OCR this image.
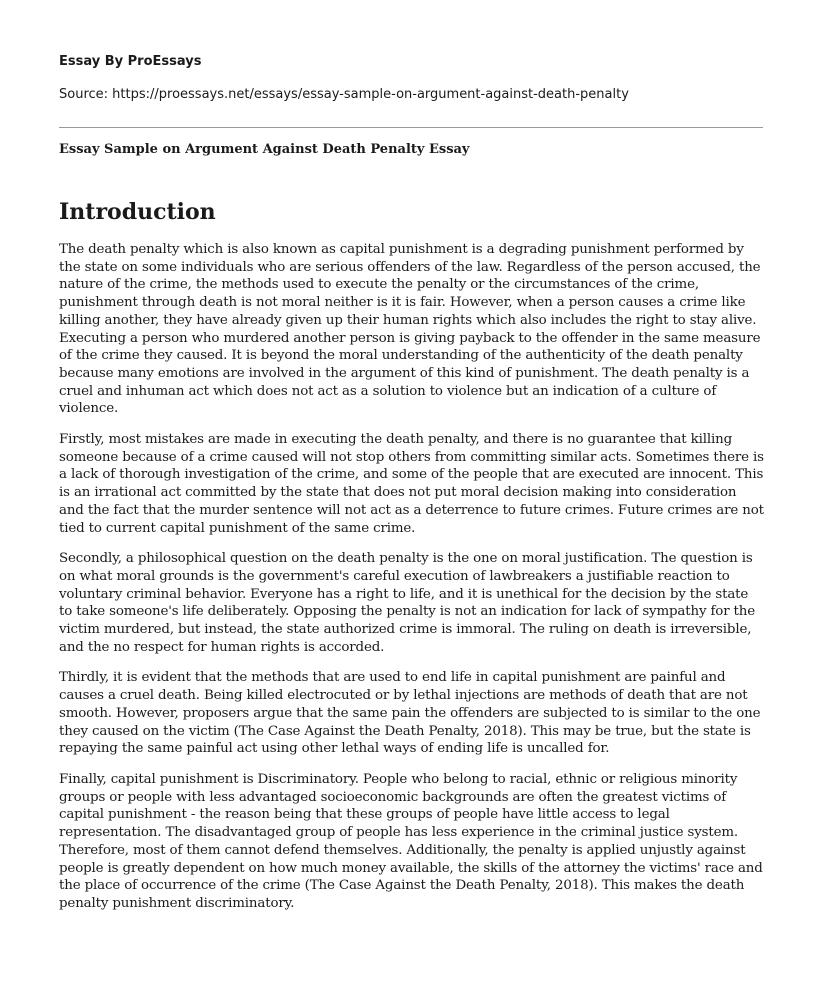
Essay By ProEssays

Source: https://proessays.net/essays/essay-sample-on-argument-against-death-penalty

Essay Sample on Argument Against Death Penalty Essay

Introduction

The death penalty which is also known as capital punishment is a degrading punishment performed by the state on some individuals who are serious offenders of the law. Regardless of the person accused, the nature of the crime, the methods used to execute the penalty or the circumstances of the crime, punishment through death is not moral neither is it is fair. However, when a person causes a crime like killing another, they have already given up their human rights which also includes the right to stay alive. Executing a person who murdered another person is giving payback to the offender in the same measure of the crime they caused. It is beyond the moral understanding of the authenticity of the death penalty because many emotions are involved in the argument of this kind of punishment. The death penalty is a cruel and inhuman act which does not act as a solution to violence but an indication of a culture of violence.

Firstly, most mistakes are made in executing the death penalty, and there is no guarantee that killing someone because of a crime caused will not stop others from committing similar acts. Sometimes there is a lack of thorough investigation of the crime, and some of the people that are executed are innocent. This is an irrational act committed by the state that does not put moral decision making into consideration and the fact that the murder sentence will not act as a deterrence to future crimes. Future crimes are not tied to current capital punishment of the same crime.

Secondly, a philosophical question on the death penalty is the one on moral justification. The question is on what moral grounds is the government's careful execution of lawbreakers a justifiable reaction to voluntary criminal behavior. Everyone has a right to life, and it is unethical for the decision by the state to take someone's life deliberately. Opposing the penalty is not an indication for lack of sympathy for the victim murdered, but instead, the state authorized crime is immoral. The ruling on death is irreversible, and the no respect for human rights is accorded.

Thirdly, it is evident that the methods that are used to end life in capital punishment are painful and causes a cruel death. Being killed electrocuted or by lethal injections are methods of death that are not smooth. However, proposers argue that the same pain the offenders are subjected to is similar to the one they caused on the victim (The Case Against the Death Penalty, 2018). This may be true, but the state is repaying the same painful act using other lethal ways of ending life is uncalled for.

Finally, capital punishment is Discriminatory. People who belong to racial, ethnic or religious minority groups or people with less advantaged socioeconomic backgrounds are often the greatest victims of capital punishment - the reason being that these groups of people have little access to legal representation. The disadvantaged group of people has less experience in the criminal justice system. Therefore, most of them cannot defend themselves. Additionally, the penalty is applied unjustly against people is greatly dependent on how much money available, the skills of the attorney the victims' race and the place of occurrence of the crime (The Case Against the Death Penalty, 2018). This makes the death penalty punishment discriminatory.
